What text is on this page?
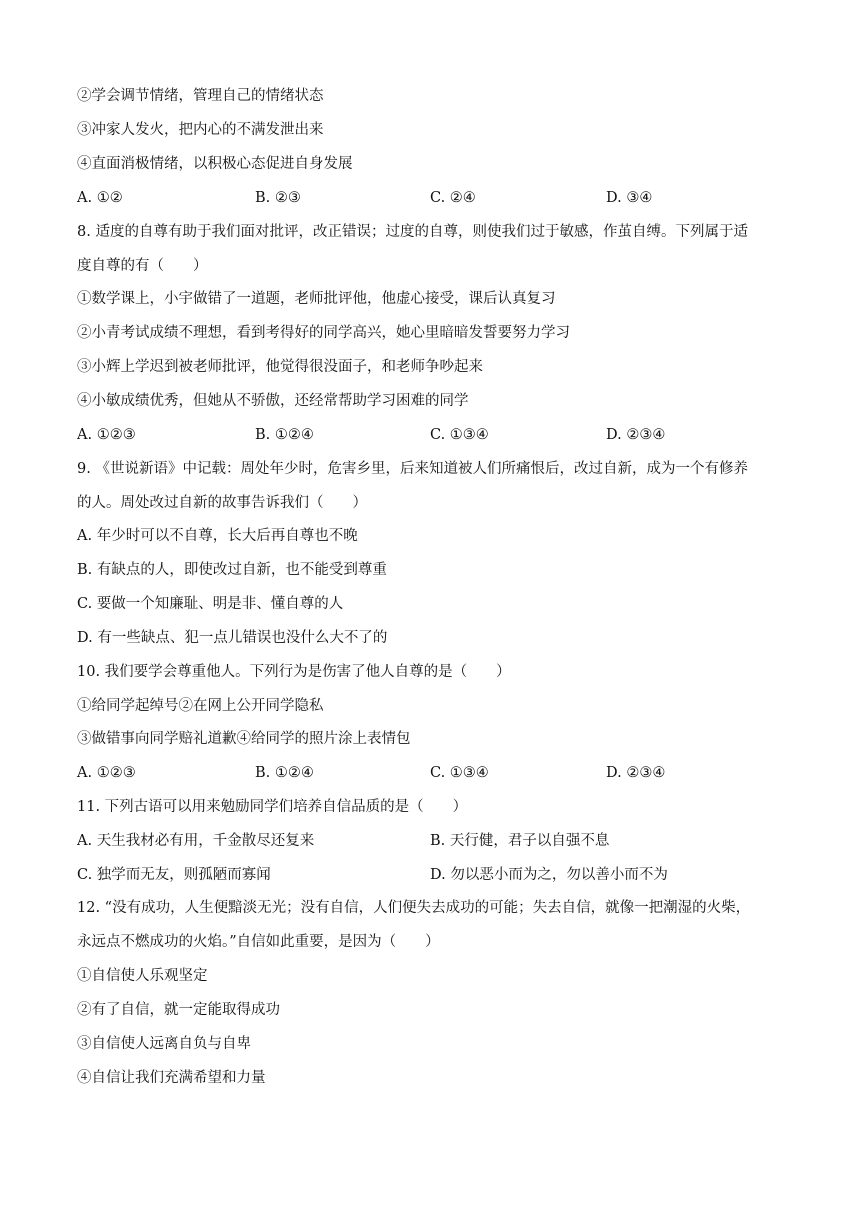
②学会调节情绪，管理自己的情绪状态
③冲家人发火，把内心的不满发泄出来
④直面消极情绪，以积极心态促进自身发展
A. ①②	B. ②③	C. ②④	D. ③④
8. 适度的自尊有助于我们面对批评，改正错误；过度的自尊，则使我们过于敏感，作茧自缚。下列属于适
度自尊的有（　　）
①数学课上，小宇做错了一道题，老师批评他，他虚心接受，课后认真复习
②小青考试成绩不理想，看到考得好的同学高兴，她心里暗暗发誓要努力学习
③小辉上学迟到被老师批评，他觉得很没面子，和老师争吵起来
④小敏成绩优秀，但她从不骄傲，还经常帮助学习困难的同学
A. ①②③	B. ①②④	C. ①③④	D. ②③④
9. 《世说新语》中记载：周处年少时，危害乡里，后来知道被人们所痛恨后，改过自新，成为一个有修养
的人。周处改过自新的故事告诉我们（　　）
A. 年少时可以不自尊，长大后再自尊也不晚
B. 有缺点的人，即使改过自新，也不能受到尊重
C. 要做一个知廉耻、明是非、懂自尊的人
D. 有一些缺点、犯一点儿错误也没什么大不了的
10. 我们要学会尊重他人。下列行为是伤害了他人自尊的是（　　）
①给同学起绰号②在网上公开同学隐私
③做错事向同学赔礼道歉④给同学的照片涂上表情包
A. ①②③	B. ①②④	C. ①③④	D. ②③④
11. 下列古语可以用来勉励同学们培养自信品质的是（　　）
A. 天生我材必有用，千金散尽还复来	B. 天行健，君子以自强不息
C. 独学而无友，则孤陋而寡闻	D. 勿以恶小而为之，勿以善小而不为
12. “没有成功，人生便黯淡无光；没有自信，人们便失去成功的可能；失去自信，就像一把潮湿的火柴，
永远点不燃成功的火焰。”自信如此重要，是因为（　　）
①自信使人乐观坚定
②有了自信，就一定能取得成功
③自信使人远离自负与自卑
④自信让我们充满希望和力量
